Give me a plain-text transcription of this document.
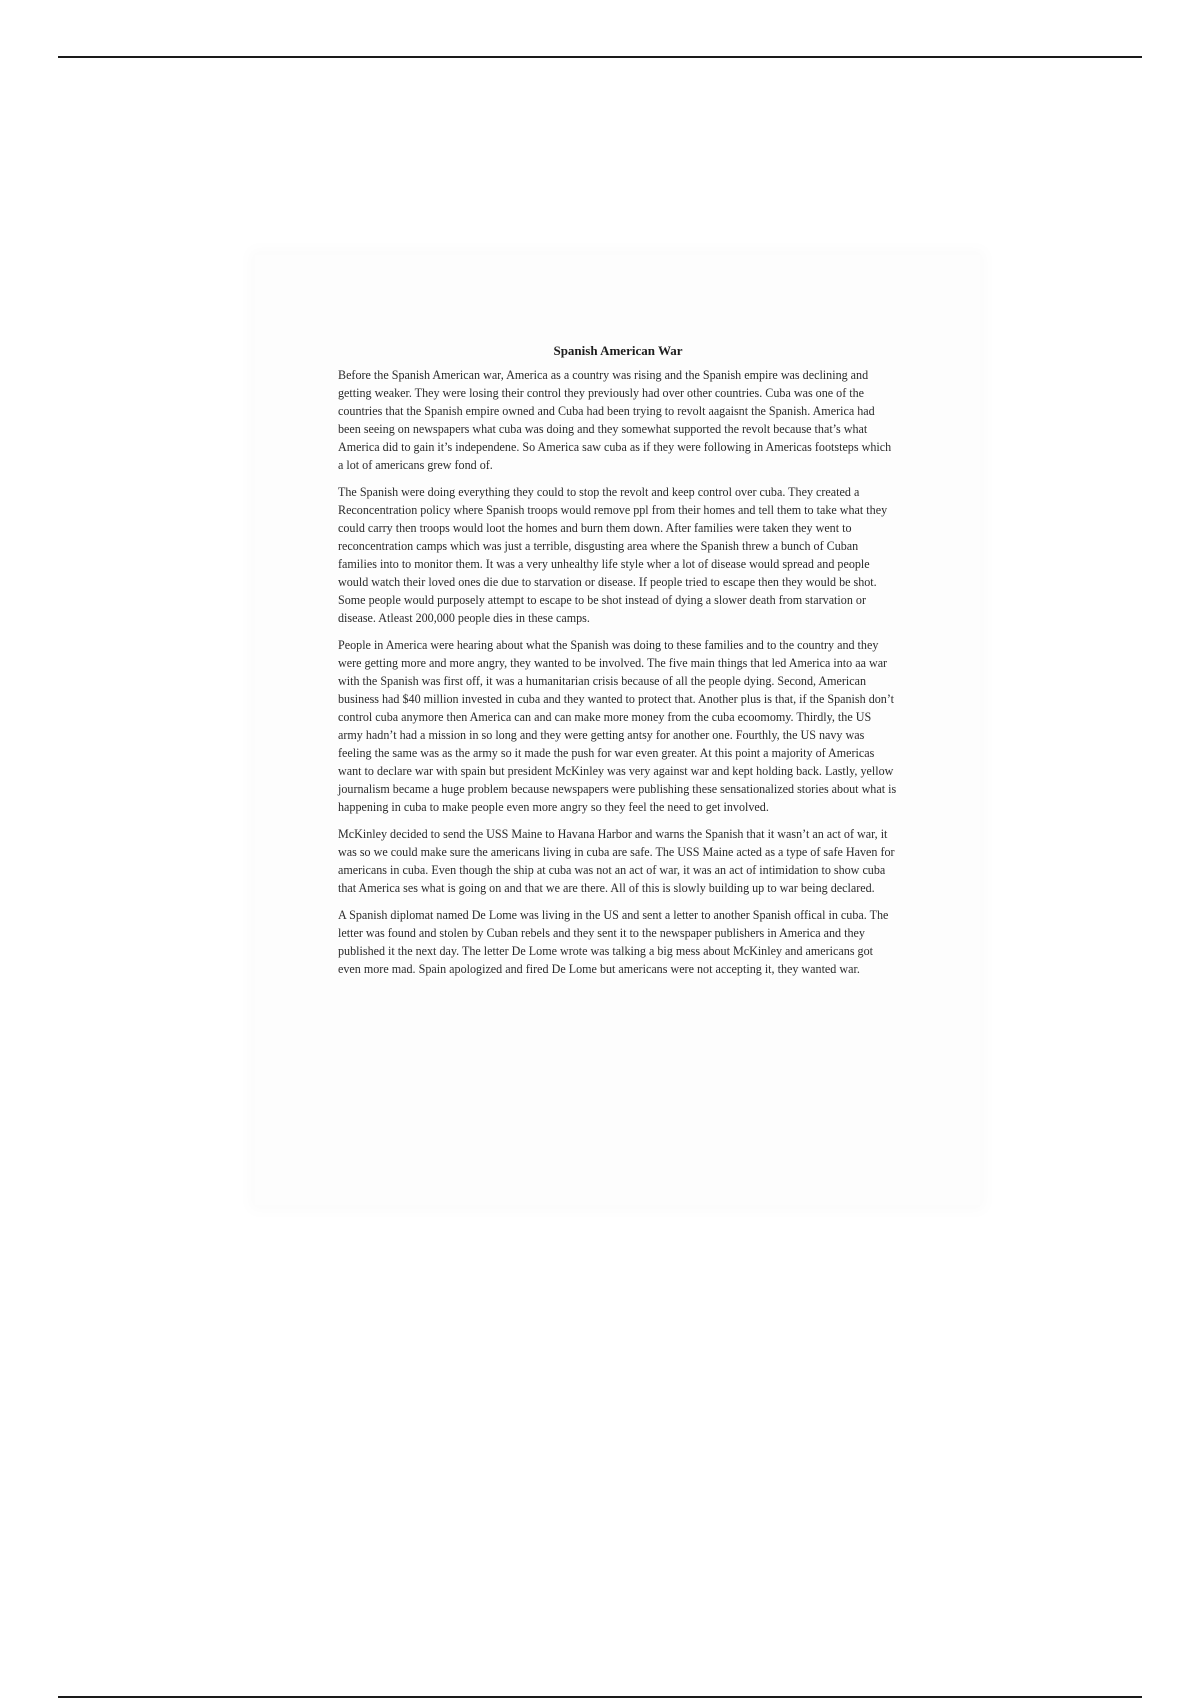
Spanish American War

Before the Spanish American war, America as a country was rising and the Spanish empire was declining and getting weaker. They were losing their control they previously had over other countries. Cuba was one of the countries that the Spanish empire owned and Cuba had been trying to revolt aagaisnt the Spanish. America had been seeing on newspapers what cuba was doing and they somewhat supported the revolt because that’s what America did to gain it’s independene. So America saw cuba as if they were following in Americas footsteps which a lot of americans grew fond of.

The Spanish were doing everything they could to stop the revolt and keep control over cuba. They created a Reconcentration policy where Spanish troops would remove ppl from their homes and tell them to take what they could carry then troops would loot the homes and burn them down. After families were taken they went to reconcentration camps which was just a terrible, disgusting area where the Spanish threw a bunch of Cuban families into to monitor them. It was a very unhealthy life style wher a lot of disease would spread and people would watch their loved ones die due to starvation or disease. If people tried to escape then they would be shot. Some people would purposely attempt to escape to be shot instead of dying a slower death from starvation or disease. Atleast 200,000 people dies in these camps.

People in America were hearing about what the Spanish was doing to these families and to the country and they were getting more and more angry, they wanted to be involved. The five main things that led America into aa war with the Spanish was first off, it was a humanitarian crisis because of all the people dying. Second, American business had $40 million invested in cuba and they wanted to protect that. Another plus is that, if the Spanish don’t control cuba anymore then America can and can make more money from the cuba ecoomomy. Thirdly, the US army hadn’t had a mission in so long and they were getting antsy for another one. Fourthly, the US navy was feeling the same was as the army so it made the push for war even greater. At this point a majority of Americas want to declare war with spain but president McKinley was very against war and kept holding back. Lastly, yellow journalism became a huge problem because newspapers were publishing these sensationalized stories about what is happening in cuba to make people even more angry so they feel the need to get involved.

McKinley decided to send the USS Maine to Havana Harbor and warns the Spanish that it wasn’t an act of war, it was so we could make sure the americans living in cuba are safe. The USS Maine acted as a type of safe Haven for americans in cuba. Even though the ship at cuba was not an act of war, it was an act of intimidation to show cuba that America ses what is going on and that we are there. All of this is slowly building up to war being declared.

A Spanish diplomat named De Lome was living in the US and sent a letter to another Spanish offical in cuba. The letter was found and stolen by Cuban rebels and they sent it to the newspaper publishers in America and they published it the next day. The letter De Lome wrote was talking a big mess about McKinley and americans got even more mad. Spain apologized and fired De Lome but americans were not accepting it, they wanted war.
